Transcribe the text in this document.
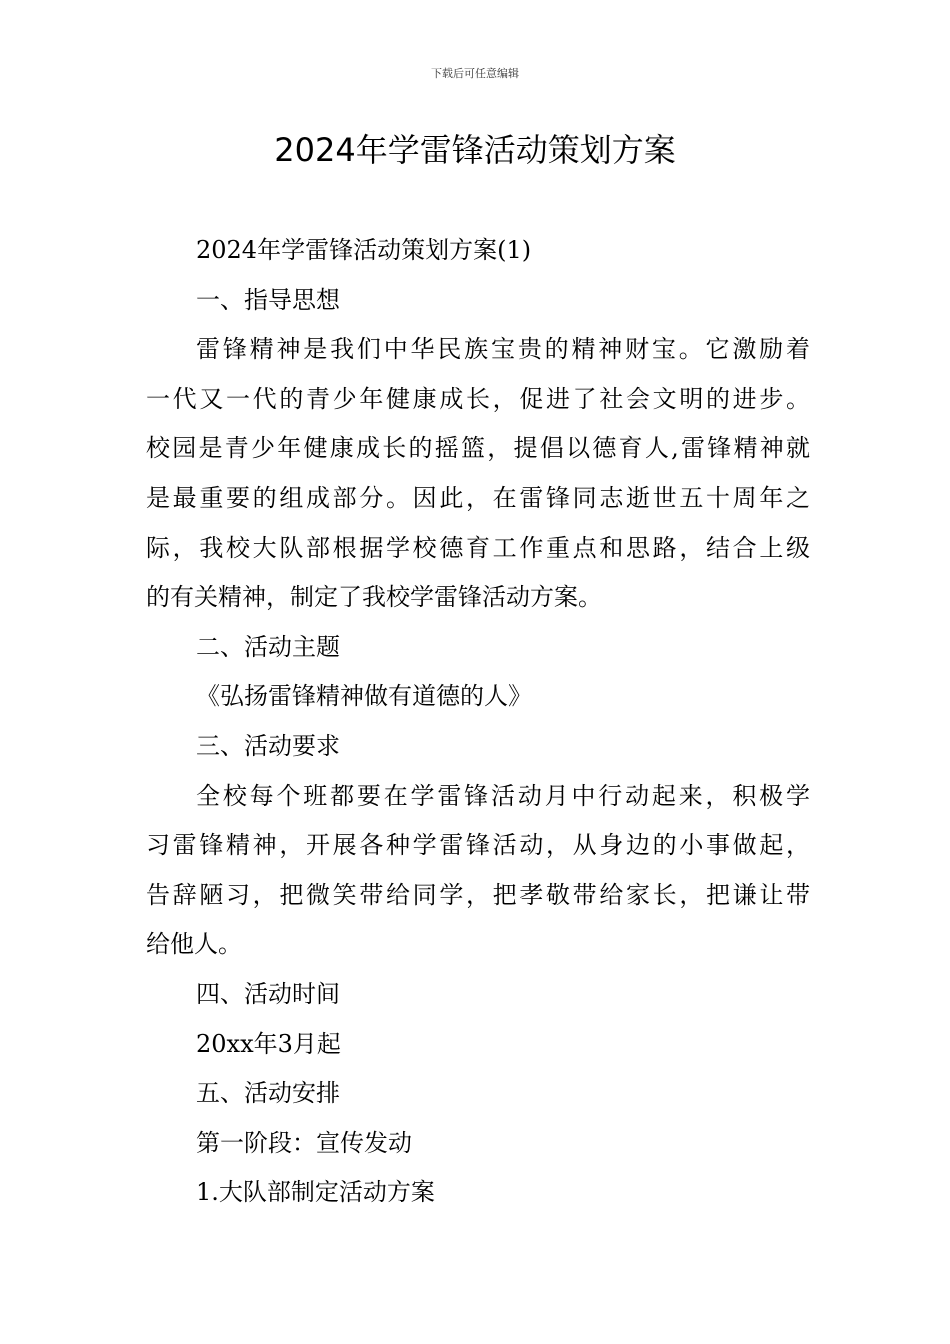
下载后可任意编辑
2024年学雷锋活动策划方案
2024年学雷锋活动策划方案(1)
一、指导思想
雷锋精神是我们中华民族宝贵的精神财宝。它激励着
一代又一代的青少年健康成长，促进了社会文明的进步。
校园是青少年健康成长的摇篮，提倡以德育人,雷锋精神就
是最重要的组成部分。因此，在雷锋同志逝世五十周年之
际，我校大队部根据学校德育工作重点和思路，结合上级
的有关精神，制定了我校学雷锋活动方案。
二、活动主题
《弘扬雷锋精神做有道德的人》
三、活动要求
全校每个班都要在学雷锋活动月中行动起来，积极学
习雷锋精神，开展各种学雷锋活动，从身边的小事做起，
告辞陋习，把微笑带给同学，把孝敬带给家长，把谦让带
给他人。
四、活动时间
20xx年3月起
五、活动安排
第一阶段：宣传发动
1.大队部制定活动方案
